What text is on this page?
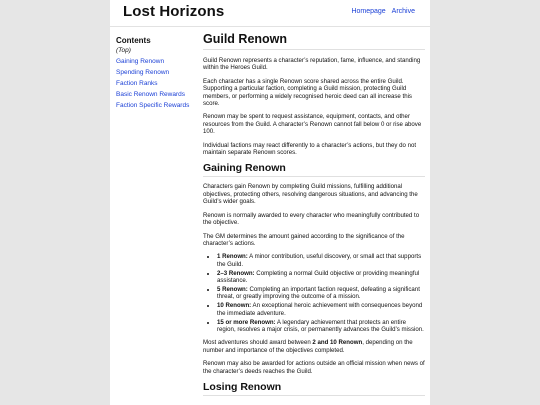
Lost Horizons	Homepage Archive
Contents
(Top)
Gaining Renown
Spending Renown
Faction Ranks
Basic Renown Rewards
Faction Specific Rewards
Guild Renown

Guild Renown represents a character’s reputation, fame, influence, and standing within the Heroes Guild.

Each character has a single Renown score shared across the entire Guild. Supporting a particular faction, completing a Guild mission, protecting Guild members, or performing a widely recognised heroic deed can all increase this score.

Renown may be spent to request assistance, equipment, contacts, and other resources from the Guild. A character’s Renown cannot fall below 0 or rise above 100.

Individual factions may react differently to a character’s actions, but they do not maintain separate Renown scores.

Gaining Renown

Characters gain Renown by completing Guild missions, fulfilling additional objectives, protecting others, resolving dangerous situations, and advancing the Guild’s wider goals.

Renown is normally awarded to every character who meaningfully contributed to the objective.

The GM determines the amount gained according to the significance of the character’s actions.

• 1 Renown: A minor contribution, useful discovery, or small act that supports the Guild.
• 2–3 Renown: Completing a normal Guild objective or providing meaningful assistance.
• 5 Renown: Completing an important faction request, defeating a significant threat, or greatly improving the outcome of a mission.
• 10 Renown: An exceptional heroic achievement with consequences beyond the immediate adventure.
• 15 or more Renown: A legendary achievement that protects an entire region, resolves a major crisis, or permanently advances the Guild’s mission.

Most adventures should award between 2 and 10 Renown, depending on the number and importance of the objectives completed.

Renown may also be awarded for actions outside an official mission when news of the character’s deeds reaches the Guild.

Losing Renown
